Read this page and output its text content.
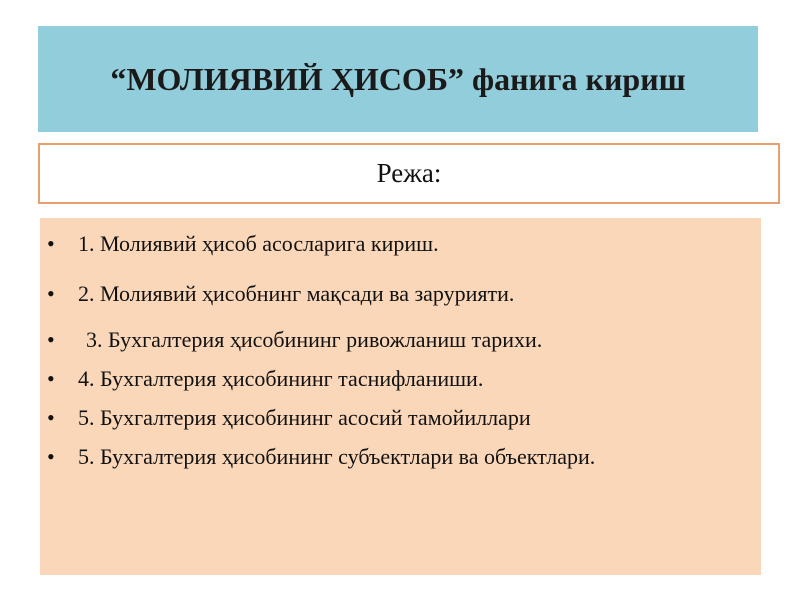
“МОЛИЯВИЙ ҲИСОБ” фанига кириш
Режа:
• 1. Молиявий ҳисоб асосларига кириш.
• 2. Молиявий ҳисобнинг мақсади ва зарурияти.
• 3. Бухгалтерия ҳисобининг ривожланиш тарихи.
• 4. Бухгалтерия ҳисобининг таснифланиши.
• 5. Бухгалтерия ҳисобининг асосий тамойиллари
• 5. Бухгалтерия ҳисобининг субъектлари ва объектлари.
